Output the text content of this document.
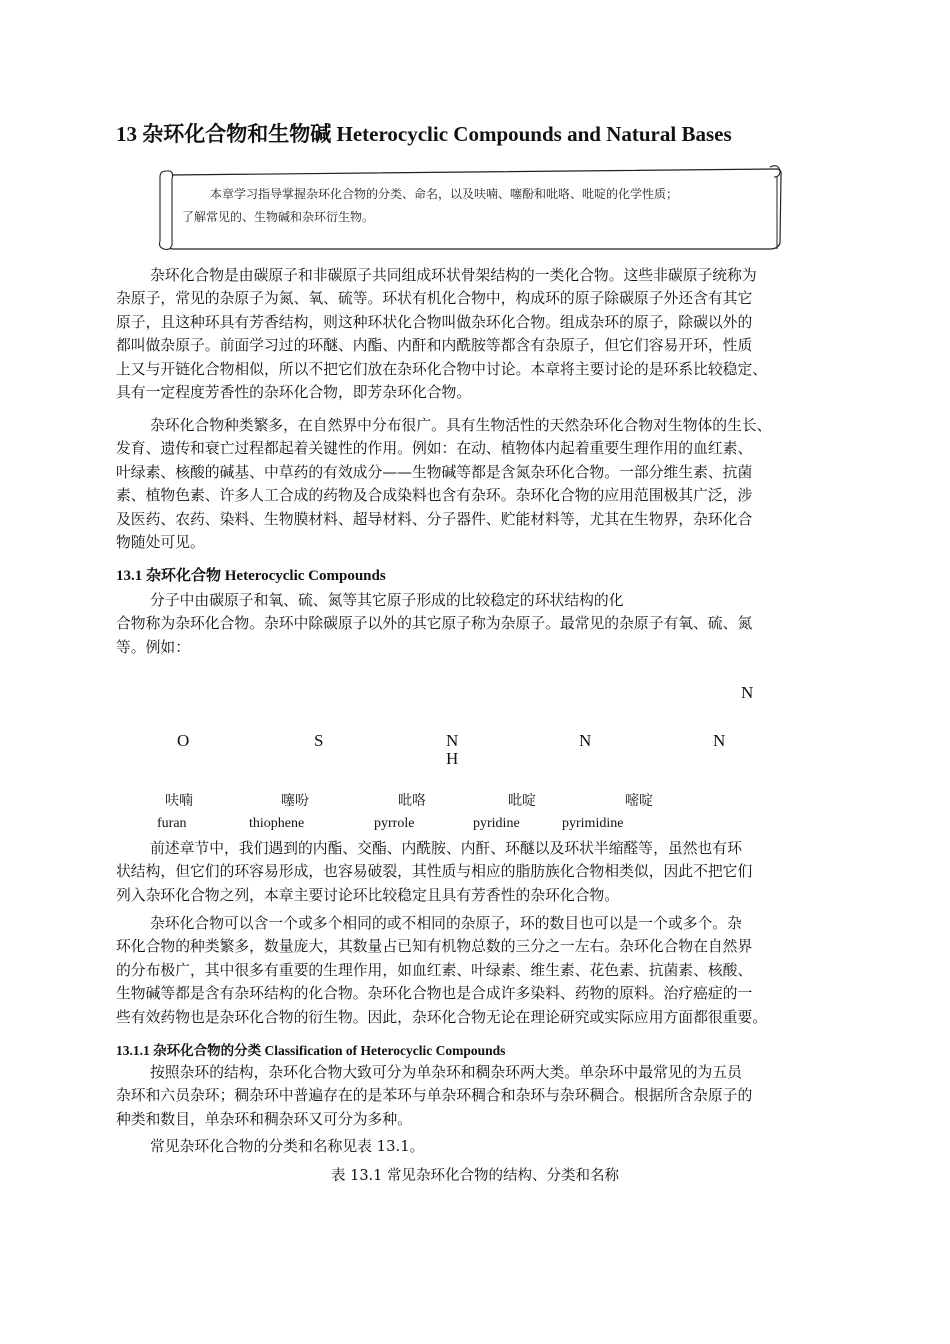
13 杂环化合物和生物碱 Heterocyclic Compounds and Natural Bases
本章学习指导掌握杂环化合物的分类、命名，以及呋喃、噻酚和吡咯、吡啶的化学性质；
了解常见的、生物碱和杂环衍生物。
杂环化合物是由碳原子和非碳原子共同组成环状骨架结构的一类化合物。这些非碳原子统称为
杂原子，常见的杂原子为氮、氧、硫等。环状有机化合物中，构成环的原子除碳原子外还含有其它
原子，且这种环具有芳香结构，则这种环状化合物叫做杂环化合物。组成杂环的原子，除碳以外的
都叫做杂原子。前面学习过的环醚、内酯、内酐和内酰胺等都含有杂原子，但它们容易开环，性质
上又与开链化合物相似，所以不把它们放在杂环化合物中讨论。本章将主要讨论的是环系比较稳定、
具有一定程度芳香性的杂环化合物，即芳杂环化合物。
杂环化合物种类繁多，在自然界中分布很广。具有生物活性的天然杂环化合物对生物体的生长、
发育、遗传和衰亡过程都起着关键性的作用。例如：在动、植物体内起着重要生理作用的血红素、
叶绿素、核酸的碱基、中草药的有效成分——生物碱等都是含氮杂环化合物。一部分维生素、抗菌
素、植物色素、许多人工合成的药物及合成染料也含有杂环。杂环化合物的应用范围极其广泛，涉
及医药、农药、染料、生物膜材料、超导材料、分子器件、贮能材料等，尤其在生物界，杂环化合
物随处可见。
13.1 杂环化合物 Heterocyclic Compounds
分子中由碳原子和氧、硫、氮等其它原子形成的比较稳定的环状结构的化
合物称为杂环化合物。杂环中除碳原子以外的其它原子称为杂原子。最常见的杂原子有氧、硫、氮
等。例如：
N
O	S	N
H
N	N
呋喃	噻吩	吡咯	吡啶	嘧啶
furan	thiophene	pyrrole	pyridine	pyrimidine
前述章节中，我们遇到的内酯、交酯、内酰胺、内酐、环醚以及环状半缩醛等，虽然也有环
状结构，但它们的环容易形成，也容易破裂，其性质与相应的脂肪族化合物相类似，因此不把它们
列入杂环化合物之列，本章主要讨论环比较稳定且具有芳香性的杂环化合物。
杂环化合物可以含一个或多个相同的或不相同的杂原子，环的数目也可以是一个或多个。杂
环化合物的种类繁多，数量庞大，其数量占已知有机物总数的三分之一左右。杂环化合物在自然界
的分布极广，其中很多有重要的生理作用，如血红素、叶绿素、维生素、花色素、抗菌素、核酸、
生物碱等都是含有杂环结构的化合物。杂环化合物也是合成许多染料、药物的原料。治疗癌症的一
些有效药物也是杂环化合物的衍生物。因此，杂环化合物无论在理论研究或实际应用方面都很重要。
13.1.1 杂环化合物的分类 Classification of Heterocyclic Compounds
按照杂环的结构，杂环化合物大致可分为单杂环和稠杂环两大类。单杂环中最常见的为五员
杂环和六员杂环；稠杂环中普遍存在的是苯环与单杂环稠合和杂环与杂环稠合。根据所含杂原子的
种类和数目，单杂环和稠杂环又可分为多种。
常见杂环化合物的分类和名称见表 13.1。
表 13.1 常见杂环化合物的结构、分类和名称
